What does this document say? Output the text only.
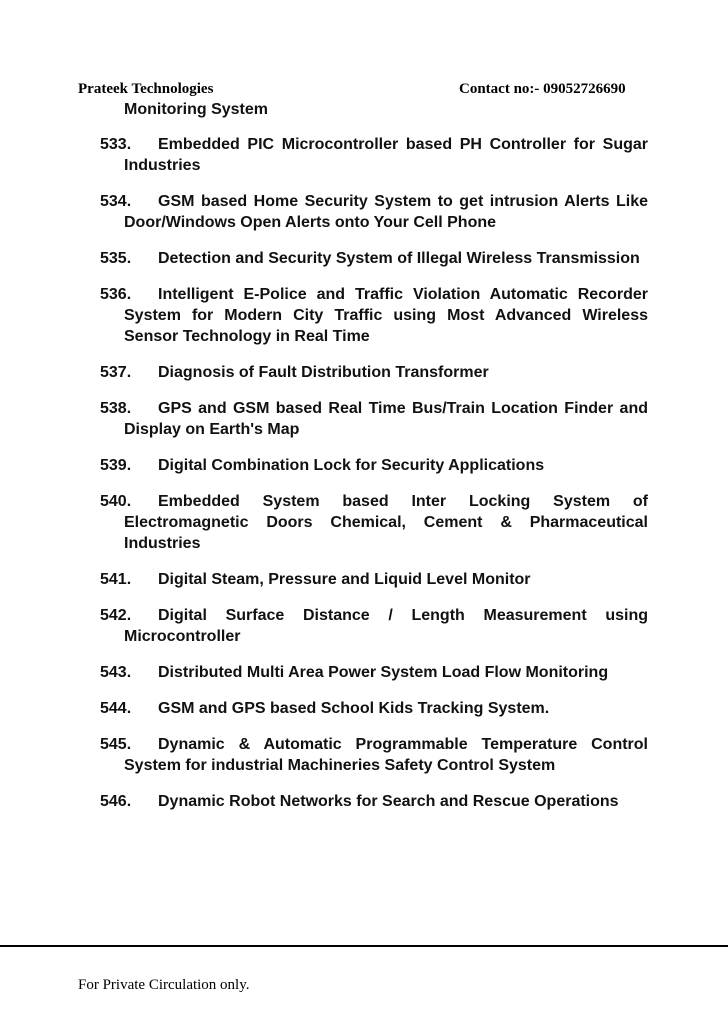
Prateek Technologies	Contact no:- 09052726690
Monitoring System
533. Embedded PIC Microcontroller based PH Controller for Sugar Industries
534. GSM based Home Security System to get intrusion Alerts Like Door/Windows Open Alerts onto Your Cell Phone
535. Detection and Security System of Illegal Wireless Transmission
536. Intelligent E-Police and Traffic Violation Automatic Recorder System for Modern City Traffic using Most Advanced Wireless Sensor Technology in Real Time
537. Diagnosis of Fault Distribution Transformer
538. GPS and GSM based Real Time Bus/Train Location Finder and Display on Earth's Map
539. Digital Combination Lock for Security Applications
540. Embedded System based Inter Locking System of Electromagnetic Doors Chemical, Cement & Pharmaceutical Industries
541. Digital Steam, Pressure and Liquid Level Monitor
542. Digital Surface Distance / Length Measurement using Microcontroller
543. Distributed Multi Area Power System Load Flow Monitoring
544. GSM and GPS based School Kids Tracking System.
545. Dynamic & Automatic Programmable Temperature Control System for industrial Machineries Safety Control System
546. Dynamic Robot Networks for Search and Rescue Operations
For Private Circulation only.
